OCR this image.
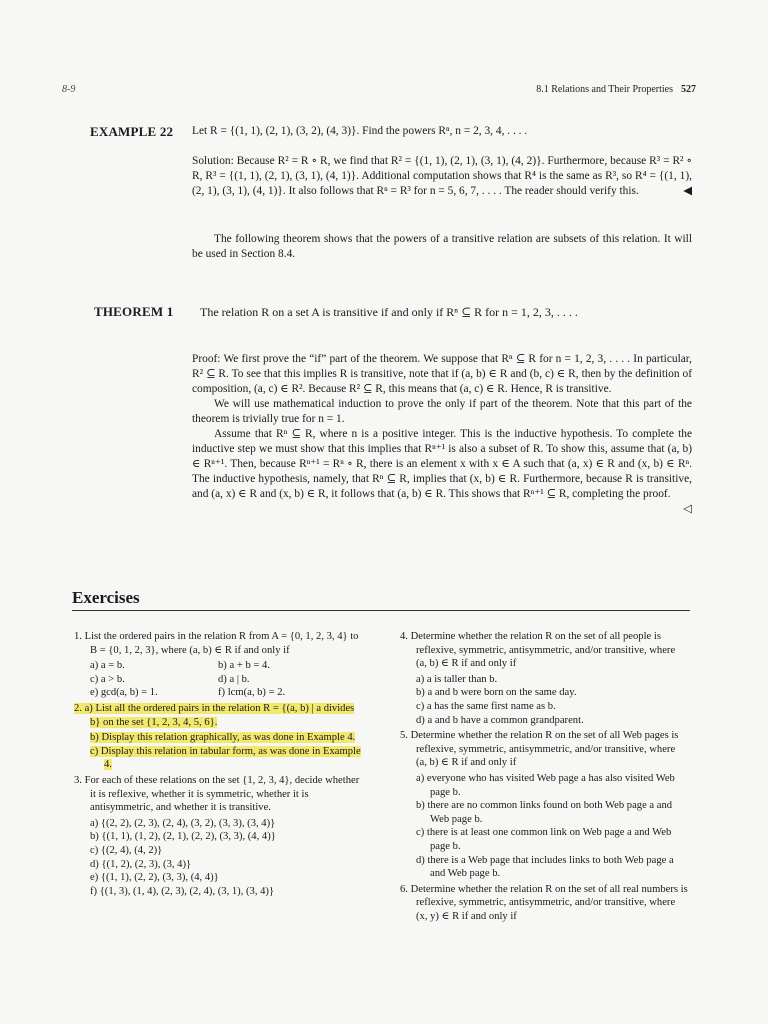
8-9	8.1 Relations and Their Properties 527
EXAMPLE 22 Let R = {(1, 1), (2, 1), (3, 2), (4, 3)}. Find the powers Rⁿ, n = 2, 3, 4, . . . .

Solution: Because R² = R ∘ R, we find that R² = {(1, 1), (2, 1), (3, 1), (4, 2)}. Furthermore, because R³ = R² ∘ R, R³ = {(1, 1), (2, 1), (3, 1), (4, 1)}. Additional computation shows that R⁴ is the same as R³, so R⁴ = {(1, 1), (2, 1), (3, 1), (4, 1)}. It also follows that Rⁿ = R³ for n = 5, 6, 7, . . . . The reader should verify this.	◀

The following theorem shows that the powers of a transitive relation are subsets of this relation. It will be used in Section 8.4.
THEOREM 1 The relation R on a set A is transitive if and only if Rⁿ ⊆ R for n = 1, 2, 3, . . . .

Proof: We first prove the “if” part of the theorem. We suppose that Rⁿ ⊆ R for n = 1, 2, 3, . . . . In particular, R² ⊆ R. To see that this implies R is transitive, note that if (a, b) ∈ R and (b, c) ∈ R, then by the definition of composition, (a, c) ∈ R². Because R² ⊆ R, this means that (a, c) ∈ R. Hence, R is transitive.

We will use mathematical induction to prove the only if part of the theorem. Note that this part of the theorem is trivially true for n = 1.

Assume that Rⁿ ⊆ R, where n is a positive integer. This is the inductive hypothesis. To complete the inductive step we must show that this implies that Rⁿ⁺¹ is also a subset of R. To show this, assume that (a, b) ∈ Rⁿ⁺¹. Then, because Rⁿ⁺¹ = Rⁿ ∘ R, there is an element x with x ∈ A such that (a, x) ∈ R and (x, b) ∈ Rⁿ. The inductive hypothesis, namely, that Rⁿ ⊆ R, implies that (x, b) ∈ R. Furthermore, because R is transitive, and (a, x) ∈ R and (x, b) ∈ R, it follows that (a, b) ∈ R. This shows that Rⁿ⁺¹ ⊆ R, completing the proof.
◁

Exercises

1. List the ordered pairs in the relation R from A = {0, 1, 2, 3, 4} to B = {0, 1, 2, 3}, where (a, b) ∈ R if and only if

a) a = b.	b) a + b = 4.
c) a > b.	d) a | b.
e) gcd(a, b) = 1.	f) lcm(a, b) = 2.

2. a) List all the ordered pairs in the relation R = {(a, b) | a divides b} on the set {1, 2, 3, 4, 5, 6}.

b) Display this relation graphically, as was done in Example 4.

c) Display this relation in tabular form, as was done in Example 4.

3. For each of these relations on the set {1, 2, 3, 4}, decide whether it is reflexive, whether it is symmetric, whether it is antisymmetric, and whether it is transitive.

a) {(2, 2), (2, 3), (2, 4), (3, 2), (3, 3), (3, 4)}

b) {(1, 1), (1, 2), (2, 1), (2, 2), (3, 3), (4, 4)}

c) {(2, 4), (4, 2)}

d) {(1, 2), (2, 3), (3, 4)}

e) {(1, 1), (2, 2), (3, 3), (4, 4)}

f) {(1, 3), (1, 4), (2, 3), (2, 4), (3, 1), (3, 4)}

4. Determine whether the relation R on the set of all people is reflexive, symmetric, antisymmetric, and/or transitive, where (a, b) ∈ R if and only if

a) a is taller than b.

b) a and b were born on the same day.

c) a has the same first name as b.

d) a and b have a common grandparent.

5. Determine whether the relation R on the set of all Web pages is reflexive, symmetric, antisymmetric, and/or transitive, where (a, b) ∈ R if and only if

a) everyone who has visited Web page a has also visited Web page b.

b) there are no common links found on both Web page a and Web page b.

c) there is at least one common link on Web page a and Web page b.

d) there is a Web page that includes links to both Web page a and Web page b.

6. Determine whether the relation R on the set of all real numbers is reflexive, symmetric, antisymmetric, and/or transitive, where (x, y) ∈ R if and only if
